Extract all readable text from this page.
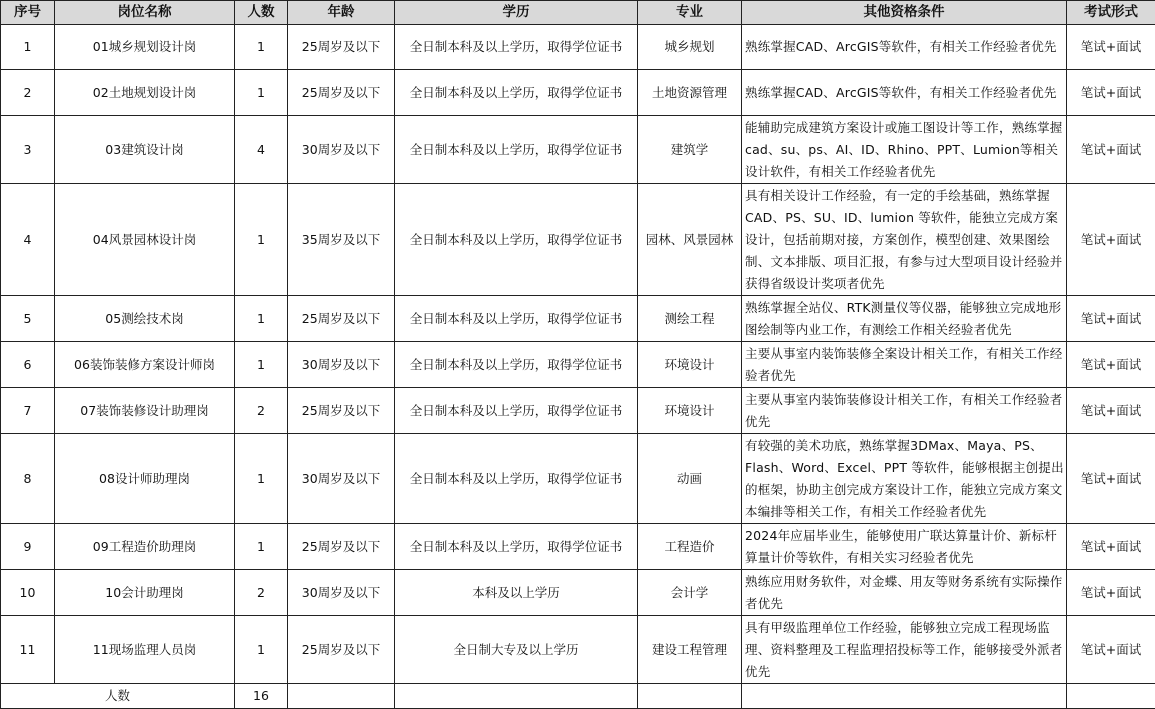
序号	岗位名称	人数	年龄	学历	专业	其他资格条件	考试形式
1	01城乡规划设计岗	1	25周岁及以下	全日制本科及以上学历，取得学位证书	城乡规划	熟练掌握CAD、ArcGIS等软件，有相关工作经验者优先	笔试+面试
2	02土地规划设计岗	1	25周岁及以下	全日制本科及以上学历，取得学位证书	土地资源管理	熟练掌握CAD、ArcGIS等软件，有相关工作经验者优先	笔试+面试
3	03建筑设计岗	4	30周岁及以下	全日制本科及以上学历，取得学位证书	建筑学	能辅助完成建筑方案设计或施工图设计等工作，熟练掌握cad、su、ps、AI、ID、Rhino、PPT、Lumion等相关设计软件，有相关工作经验者优先	笔试+面试
4	04风景园林设计岗	1	35周岁及以下	全日制本科及以上学历，取得学位证书	园林、风景园林	具有相关设计工作经验，有一定的手绘基础，熟练掌握CAD、PS、SU、ID、lumion 等软件，能独立完成方案设计，包括前期对接，方案创作，模型创建、效果图绘制、文本排版、项目汇报，有参与过大型项目设计经验并获得省级设计奖项者优先	笔试+面试
5	05测绘技术岗	1	25周岁及以下	全日制本科及以上学历，取得学位证书	测绘工程	熟练掌握全站仪、RTK测量仪等仪器，能够独立完成地形图绘制等内业工作，有测绘工作相关经验者优先	笔试+面试
6	06装饰装修方案设计师岗	1	30周岁及以下	全日制本科及以上学历，取得学位证书	环境设计	主要从事室内装饰装修全案设计相关工作，有相关工作经验者优先	笔试+面试
7	07装饰装修设计助理岗	2	25周岁及以下	全日制本科及以上学历，取得学位证书	环境设计	主要从事室内装饰装修设计相关工作，有相关工作经验者优先	笔试+面试
8	08设计师助理岗	1	30周岁及以下	全日制本科及以上学历，取得学位证书	动画	有较强的美术功底，熟练掌握3DMax、Maya、PS、Flash、Word、Excel、PPT 等软件，能够根据主创提出的框架，协助主创完成方案设计工作，能独立完成方案文本编排等相关工作，有相关工作经验者优先	笔试+面试
9	09工程造价助理岗	1	25周岁及以下	全日制本科及以上学历，取得学位证书	工程造价	2024年应届毕业生，能够使用广联达算量计价、新标杆算量计价等软件，有相关实习经验者优先	笔试+面试
10	10会计助理岗	2	30周岁及以下	本科及以上学历	会计学	熟练应用财务软件，对金蝶、用友等财务系统有实际操作者优先	笔试+面试
11	11现场监理人员岗	1	25周岁及以下	全日制大专及以上学历	建设工程管理	具有甲级监理单位工作经验，能够独立完成工程现场监理、资料整理及工程监理招投标等工作，能够接受外派者优先	笔试+面试
人数		16					
